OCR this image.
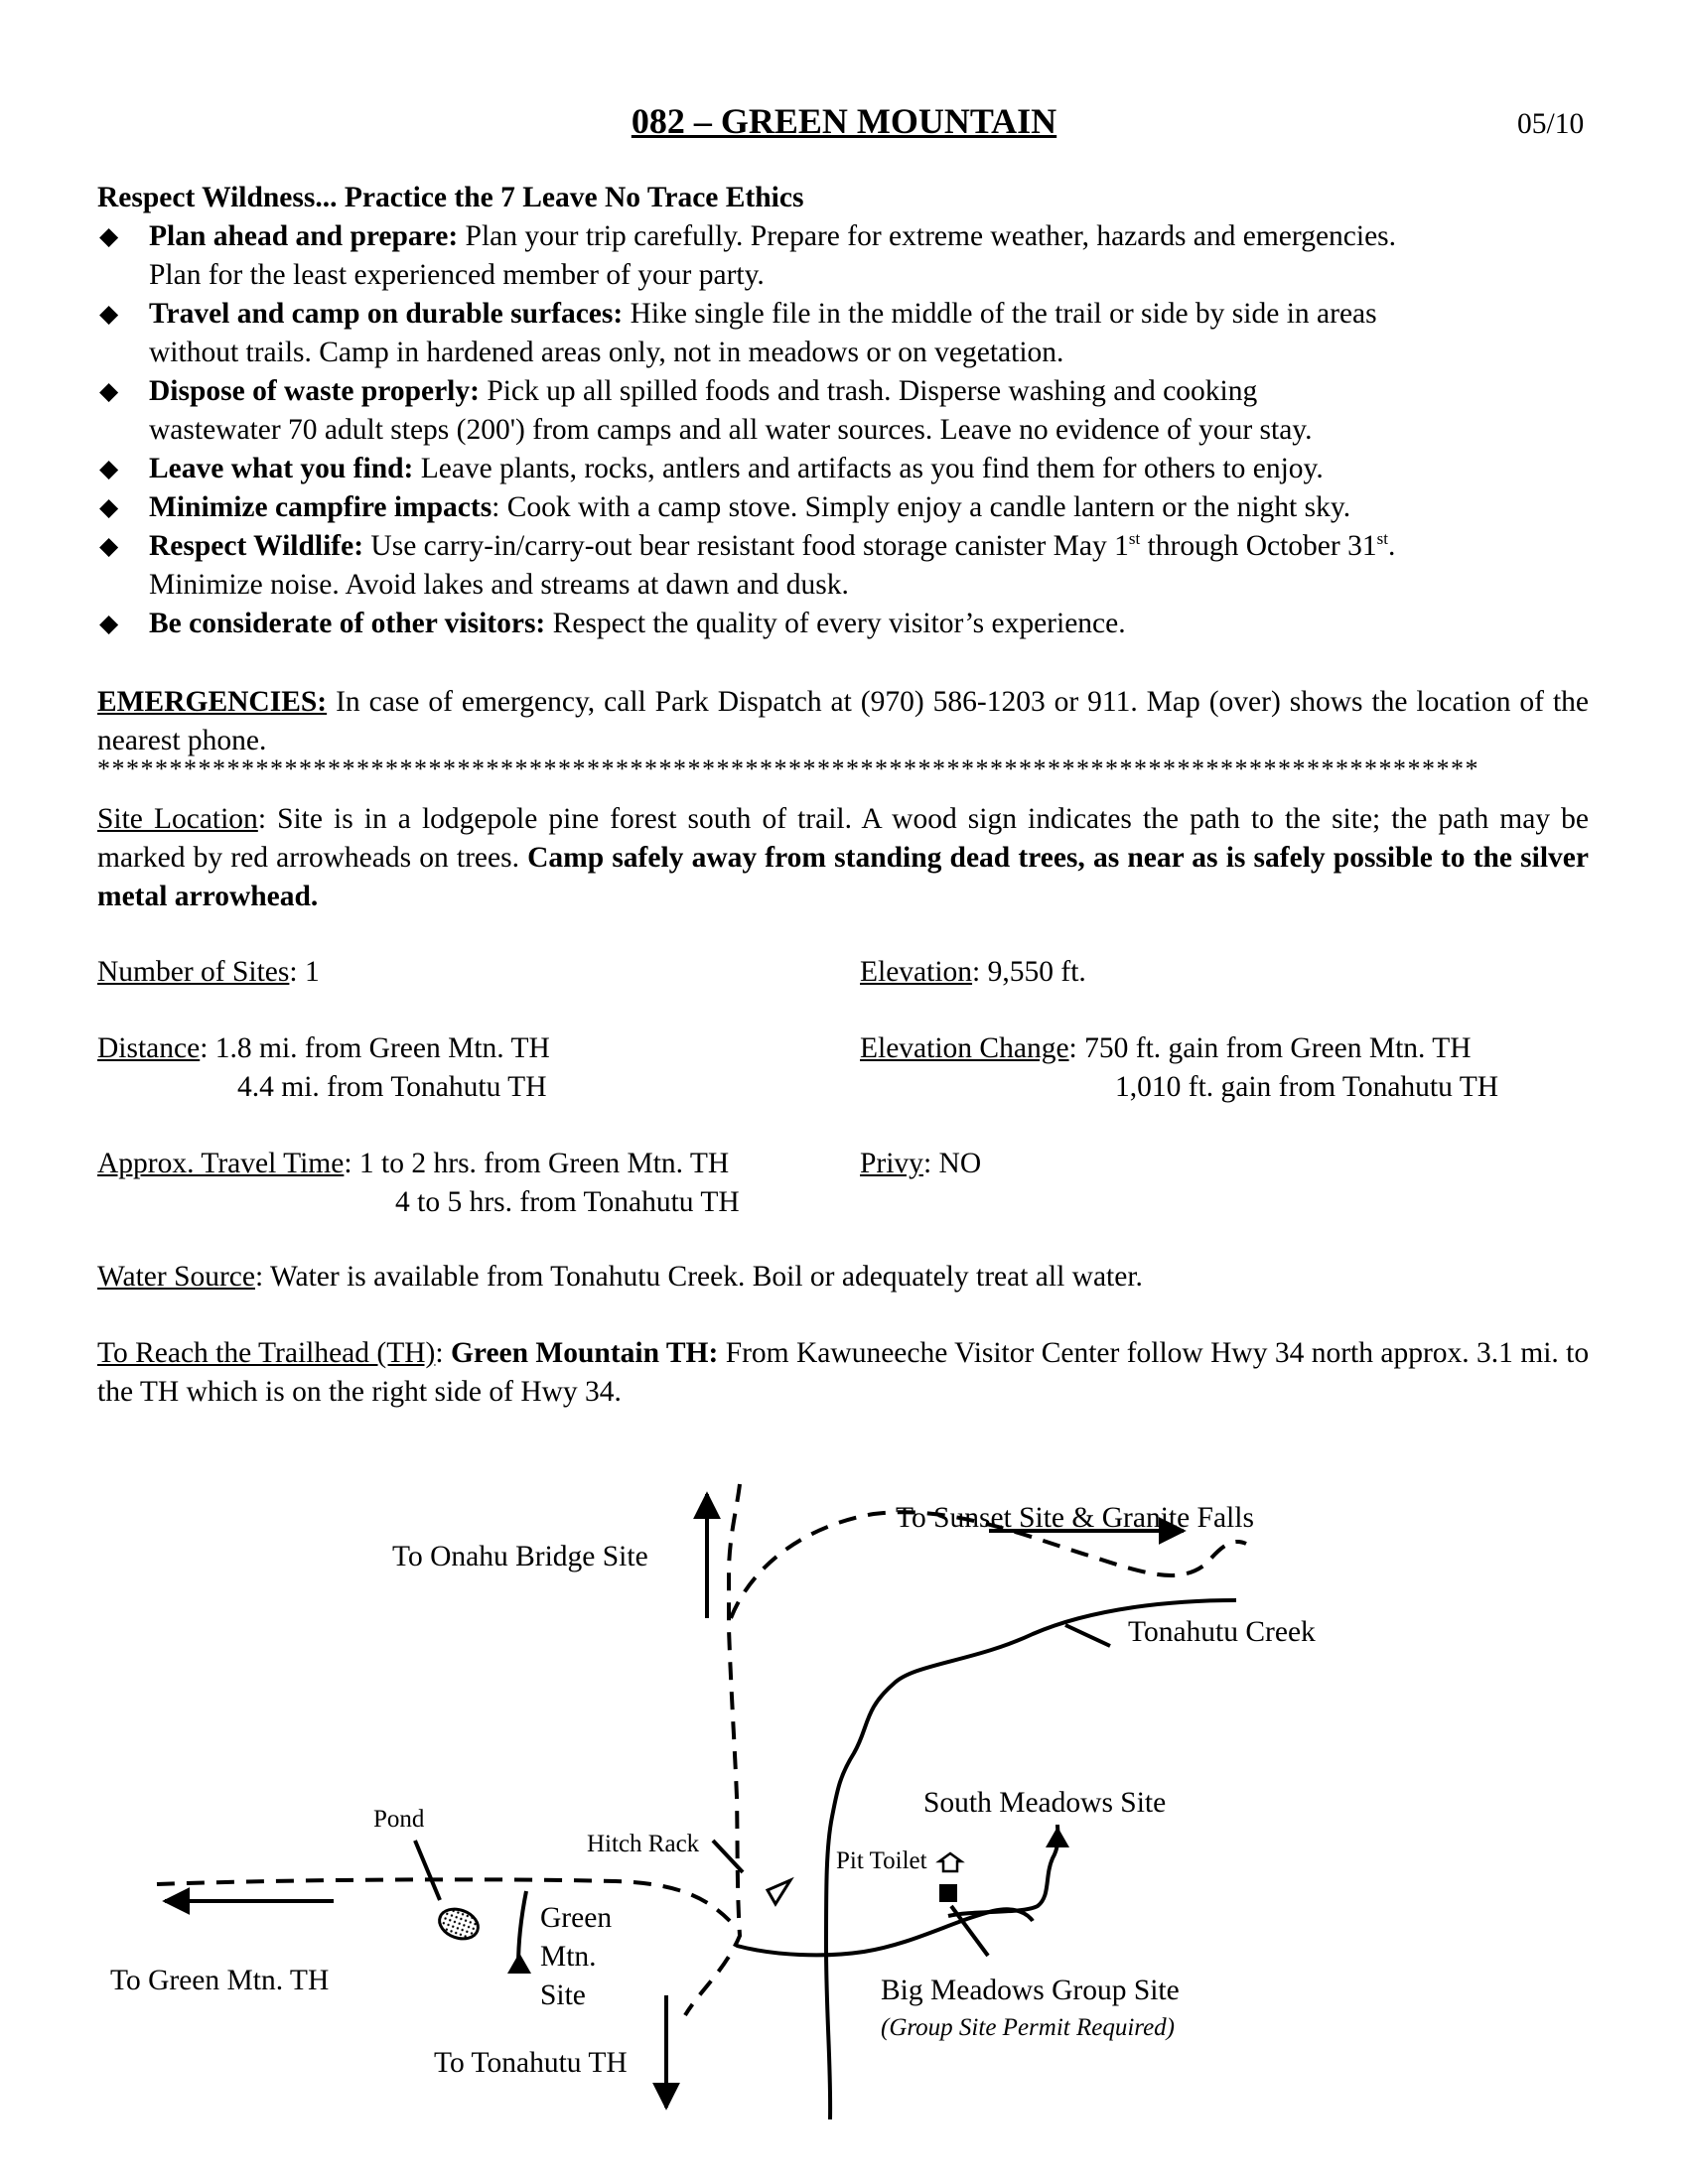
082 – GREEN MOUNTAIN	05/10

Respect Wildness... Practice the 7 Leave No Trace Ethics

◆ Plan ahead and prepare: Plan your trip carefully. Prepare for extreme weather, hazards and emergencies.
Plan for the least experienced member of your party.
◆ Travel and camp on durable surfaces: Hike single file in the middle of the trail or side by side in areas
without trails. Camp in hardened areas only, not in meadows or on vegetation.
◆ Dispose of waste properly: Pick up all spilled foods and trash. Disperse washing and cooking
wastewater 70 adult steps (200') from camps and all water sources. Leave no evidence of your stay.
◆ Leave what you find: Leave plants, rocks, antlers and artifacts as you find them for others to enjoy.
◆ Minimize campfire impacts: Cook with a camp stove. Simply enjoy a candle lantern or the night sky.
◆ Respect Wildlife: Use carry-in/carry-out bear resistant food storage canister May 1st through October 31st.
Minimize noise. Avoid lakes and streams at dawn and dusk.
◆ Be considerate of other visitors: Respect the quality of every visitor’s experience.
EMERGENCIES: In case of emergency, call Park Dispatch at (970) 586-1203 or 911. Map (over) shows the location of the nearest phone.
************************************************************************************************
Site Location: Site is in a lodgepole pine forest south of trail. A wood sign indicates the path to the site; the path may be marked by red arrowheads on trees. Camp safely away from standing dead trees, as near as is safely possible to the silver metal arrowhead.
Number of Sites: 1	Elevation: 9,550 ft.
Distance: 1.8 mi. from Green Mtn. TH
4.4 mi. from Tonahutu TH
Elevation Change: 750 ft. gain from Green Mtn. TH
1,010 ft. gain from Tonahutu TH
Approx. Travel Time: 1 to 2 hrs. from Green Mtn. TH
4 to 5 hrs. from Tonahutu TH
Privy: NO
Water Source: Water is available from Tonahutu Creek. Boil or adequately treat all water.
To Reach the Trailhead (TH): Green Mountain TH: From Kawuneeche Visitor Center follow Hwy 34 north approx. 3.1 mi. to the TH which is on the right side of Hwy 34.
To Onahu Bridge Site
To Sunset Site & Granite Falls
Tonahutu Creek
South Meadows Site
Pond
Hitch Rack
Pit Toilet
Green
Mtn.
Site
To Green Mtn. TH
To Tonahutu TH
Big Meadows Group Site
(Group Site Permit Required)
